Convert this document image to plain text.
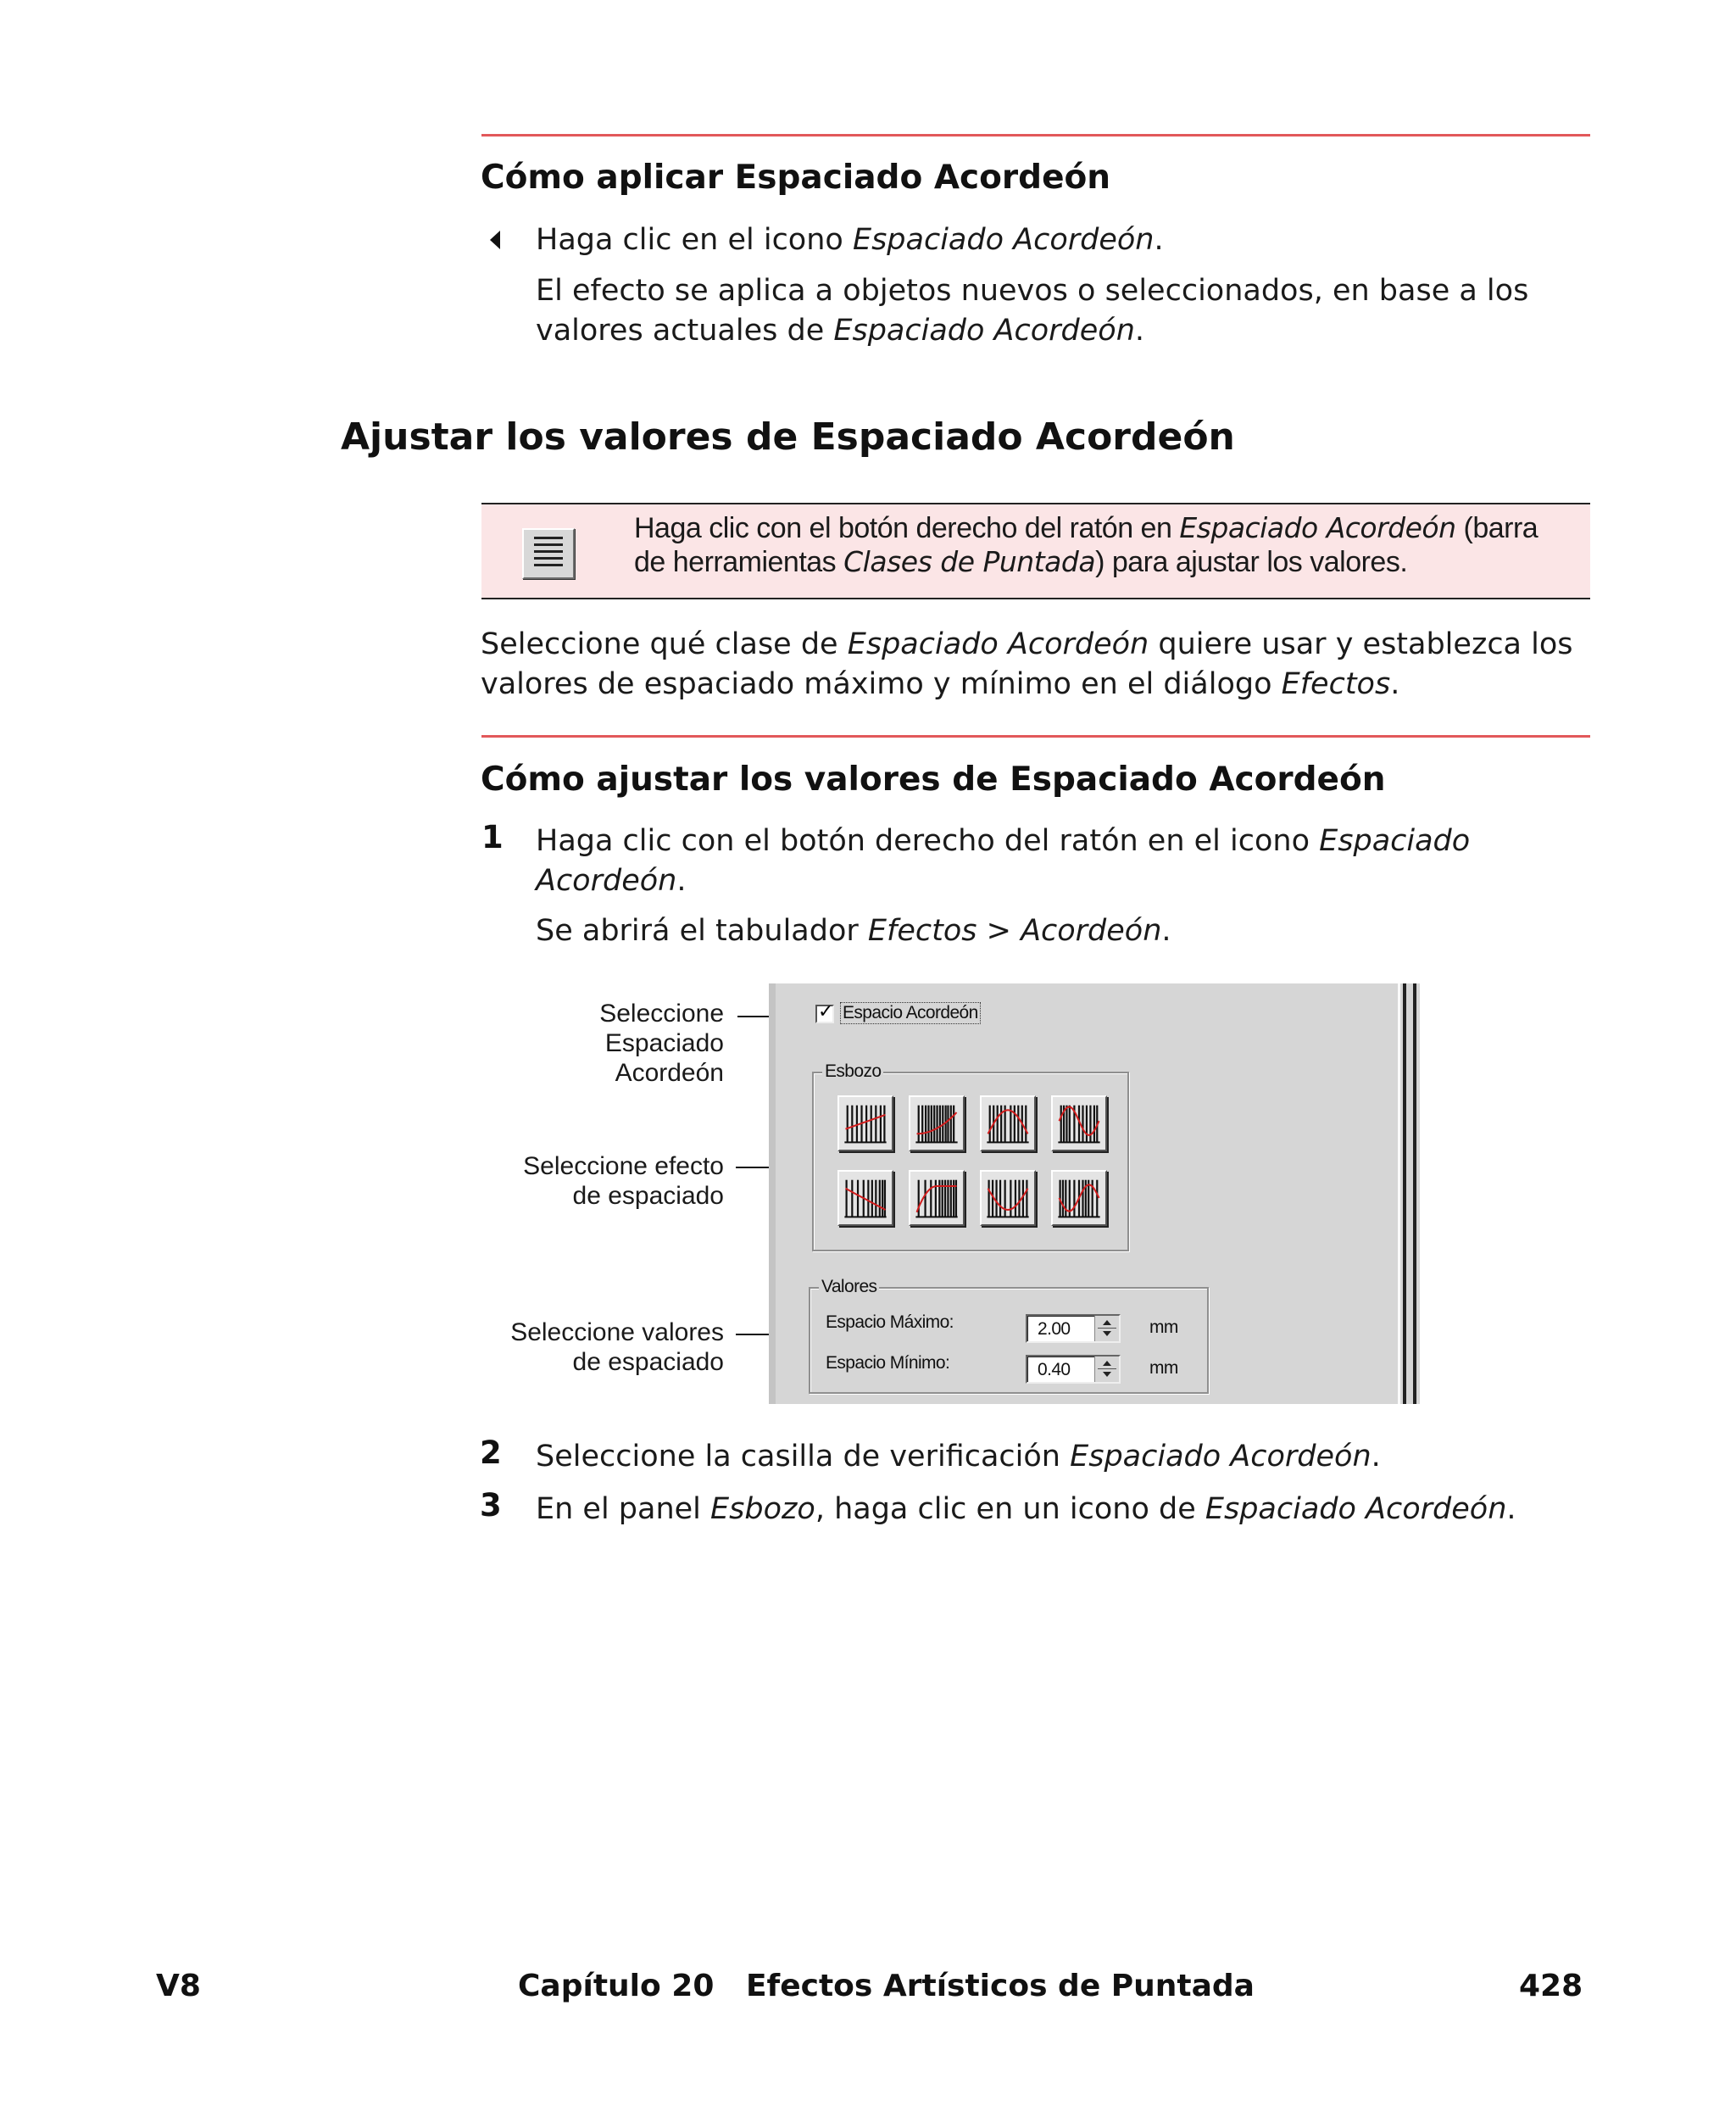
Cómo aplicar Espaciado Acordeón
Haga clic en el icono Espaciado Acordeón.
El efecto se aplica a objetos nuevos o seleccionados, en base a los
valores actuales de Espaciado Acordeón.
Ajustar los valores de Espaciado Acordeón
Haga clic con el botón derecho del ratón en Espaciado Acordeón (barra
de herramientas Clases de Puntada) para ajustar los valores.
Seleccione qué clase de Espaciado Acordeón quiere usar y establezca los
valores de espaciado máximo y mínimo en el diálogo Efectos.
Cómo ajustar los valores de Espaciado Acordeón
1 Haga clic con el botón derecho del ratón en el icono Espaciado
Acordeón.
Se abrirá el tabulador Efectos > Acordeón.
Seleccione
Espaciado
Acordeón
Seleccione efecto
de espaciado
Seleccione valores
de espaciado
✓
Espacio Acordeón
Esbozo
Valores
Espacio Máximo:	2.00	mm
Espacio Mínimo:	0.40	mm
2 Seleccione la casilla de verificación Espaciado Acordeón.
3 En el panel Esbozo, haga clic en un icono de Espaciado Acordeón.
V8	Capítulo 20   Efectos Artísticos de Puntada	428
